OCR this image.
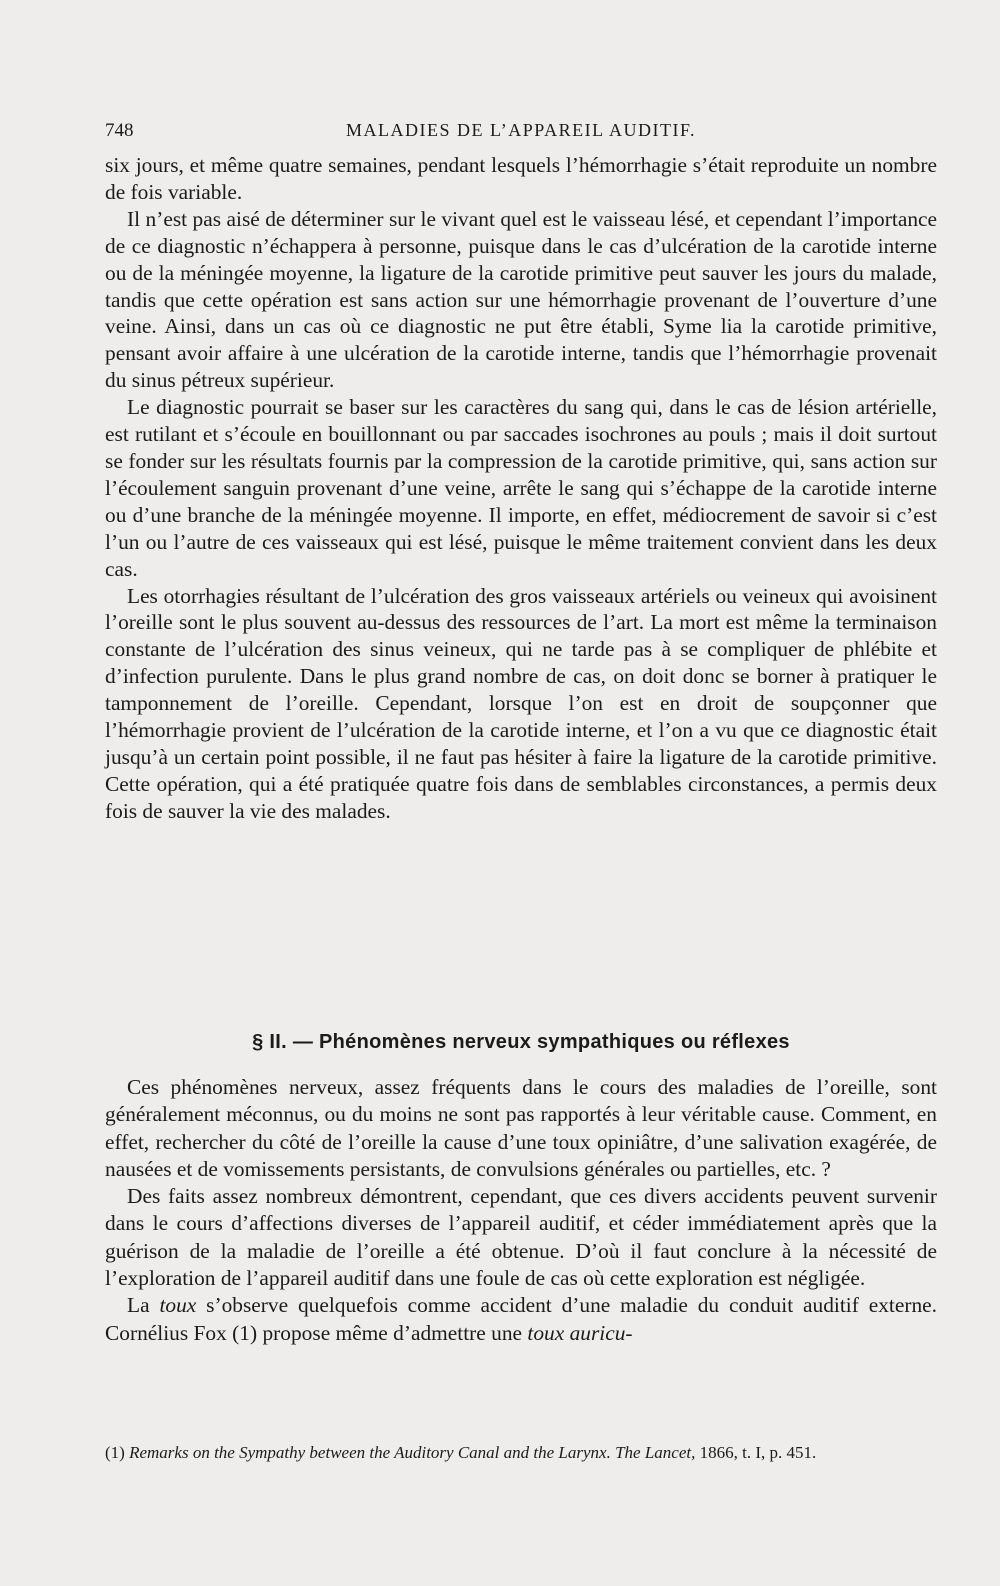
748	MALADIES DE L’APPAREIL AUDITIF.

six jours, et même quatre semaines, pendant lesquels l’hémorrhagie s’était reproduite un nombre de fois variable.

Il n’est pas aisé de déterminer sur le vivant quel est le vaisseau lésé, et cependant l’importance de ce diagnostic n’échappera à personne, puisque dans le cas d’ulcération de la carotide interne ou de la méningée moyenne, la ligature de la carotide primitive peut sauver les jours du malade, tandis que cette opération est sans action sur une hémorrhagie provenant de l’ouverture d’une veine. Ainsi, dans un cas où ce diagnostic ne put être établi, Syme lia la carotide primitive, pensant avoir affaire à une ulcération de la carotide interne, tandis que l’hémorrhagie provenait du sinus pétreux supérieur.

Le diagnostic pourrait se baser sur les caractères du sang qui, dans le cas de lésion artérielle, est rutilant et s’écoule en bouillonnant ou par saccades isochrones au pouls ; mais il doit surtout se fonder sur les résultats fournis par la compression de la carotide primitive, qui, sans action sur l’écoulement sanguin provenant d’une veine, arrête le sang qui s’échappe de la carotide interne ou d’une branche de la méningée moyenne. Il importe, en effet, médiocrement de savoir si c’est l’un ou l’autre de ces vaisseaux qui est lésé, puisque le même traitement convient dans les deux cas.

Les otorrhagies résultant de l’ulcération des gros vaisseaux artériels ou veineux qui avoisinent l’oreille sont le plus souvent au-dessus des ressources de l’art. La mort est même la terminaison constante de l’ulcération des sinus veineux, qui ne tarde pas à se compliquer de phlébite et d’infection purulente. Dans le plus grand nombre de cas, on doit donc se borner à pratiquer le tamponnement de l’oreille. Cependant, lorsque l’on est en droit de soupçonner que l’hémorrhagie provient de l’ulcération de la carotide interne, et l’on a vu que ce diagnostic était jusqu’à un certain point possible, il ne faut pas hésiter à faire la ligature de la carotide primitive. Cette opération, qui a été pratiquée quatre fois dans de semblables circonstances, a permis deux fois de sauver la vie des malades.

§ II. — Phénomènes nerveux sympathiques ou réflexes

Ces phénomènes nerveux, assez fréquents dans le cours des maladies de l’oreille, sont généralement méconnus, ou du moins ne sont pas rapportés à leur véritable cause. Comment, en effet, rechercher du côté de l’oreille la cause d’une toux opiniâtre, d’une salivation exagérée, de nausées et de vomissements persistants, de convulsions générales ou partielles, etc. ?

Des faits assez nombreux démontrent, cependant, que ces divers accidents peuvent survenir dans le cours d’affections diverses de l’appareil auditif, et céder immédiatement après que la guérison de la maladie de l’oreille a été obtenue. D’où il faut conclure à la nécessité de l’exploration de l’appareil auditif dans une foule de cas où cette exploration est négligée.

La toux s’observe quelquefois comme accident d’une maladie du conduit auditif externe. Cornélius Fox (1) propose même d’admettre une toux auricu-

(1) Remarks on the Sympathy between the Auditory Canal and the Larynx. The Lancet, 1866, t. I, p. 451.
